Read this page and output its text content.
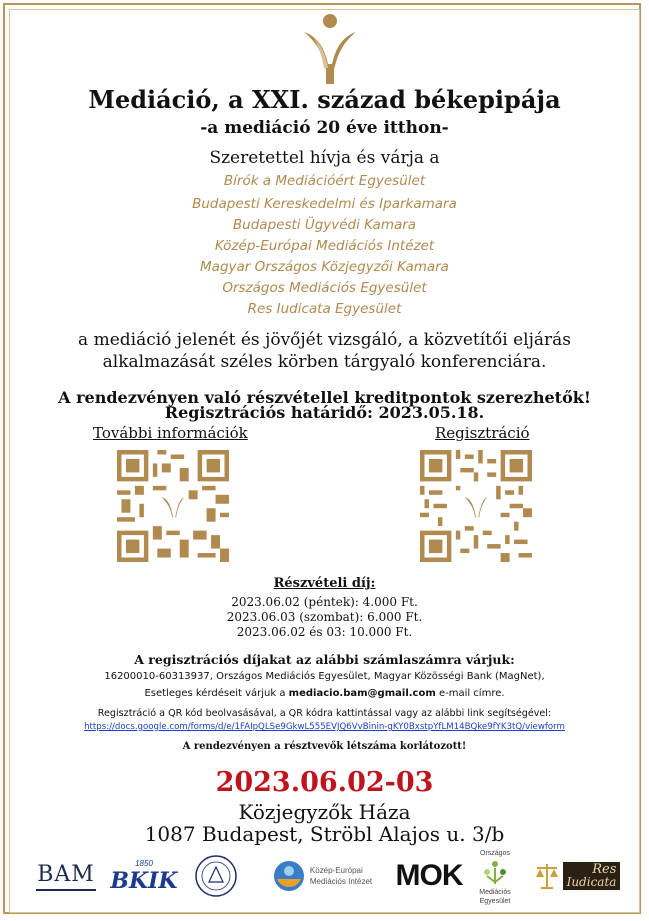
Mediáció, a XXI. század békepipája
-a mediáció 20 éve itthon-
Szeretettel hívja és várja a
Bírók a Mediációért Egyesület
Budapesti Kereskedelmi és Iparkamara
Budapesti Ügyvédi Kamara
Közép-Európai Mediációs Intézet
Magyar Országos Közjegyzői Kamara
Országos Mediációs Egyesület
Res Iudicata Egyesület
a mediáció jelenét és jövőjét vizsgáló, a közvetítői eljárás
alkalmazását széles körben tárgyaló konferenciára.
A rendezvényen való részvétellel kreditpontok szerezhetők!
Regisztrációs határidő: 2023.05.18.
További információk	Regisztráció
Részvételi díj:
2023.06.02 (péntek): 4.000 Ft.
2023.06.03 (szombat): 6.000 Ft.
2023.06.02 és 03: 10.000 Ft.
A regisztrációs díjakat az alábbi számlaszámra várjuk:
16200010-60313937, Országos Mediációs Egyesület, Magyar Közösségi Bank (MagNet),
Esetleges kérdéseit várjuk a mediacio.bam@gmail.com e-mail címre.
Regisztráció a QR kód beolvasásával, a QR kódra kattintással vagy az alábbi link segítségével:
https://docs.google.com/forms/d/e/1FAIpQLSe9GkwL555EVJQ6VvBinin-gKY0BxstpYfLM14BQke9fYK3tQ/viewform
A rendezvényen a résztvevők létszáma korlátozott!
2023.06.02-03
Közjegyzők Háza
1087 Budapest, Ströbl Alajos u. 3/b
BAM	1850
BKIK	Közép-Európai
Mediációs Intézet MOK
Országos
Mediációs
Egyesület
Res
Iudicata
